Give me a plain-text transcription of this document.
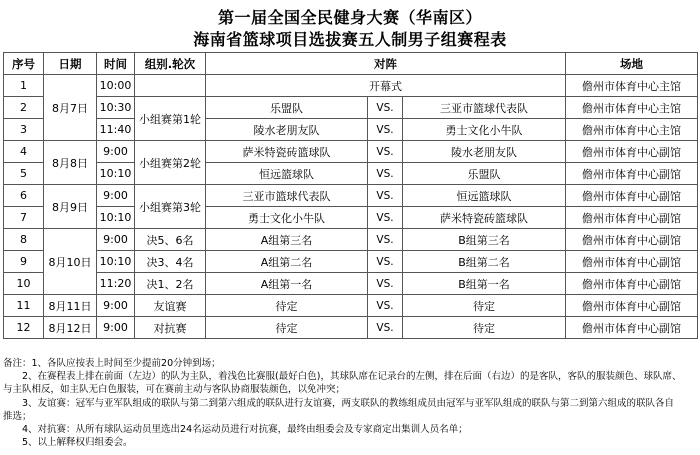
第一届全国全民健身大赛（华南区）
海南省篮球项目选拔赛五人制男子组赛程表
序号	日期	时间	组别.轮次	对阵			场地
1	8月7日	10:00		开幕式			儋州市体育中心主馆
2		10:30	小组赛第1轮	乐盟队	VS.	三亚市篮球代表队	儋州市体育中心主馆
3		11:40		陵水老朋友队	VS.	勇士文化小牛队	儋州市体育中心主馆
4	8月8日	9:00	小组赛第2轮	萨米特瓷砖篮球队	VS.	陵水老朋友队	儋州市体育中心副馆
5		10:10		恒远篮球队	VS.	乐盟队	儋州市体育中心副馆
6	8月9日	9:00	小组赛第3轮	三亚市篮球代表队	VS.	恒远篮球队	儋州市体育中心副馆
7		10:10		勇士文化小牛队	VS.	萨米特瓷砖篮球队	儋州市体育中心副馆
8	8月10日	9:00	决5、6名	A组第三名	VS.	B组第三名	儋州市体育中心副馆
9		10:10	决3、4名	A组第二名	VS.	B组第二名	儋州市体育中心副馆
10		11:20	决1、2名	A组第一名	VS.	B组第一名	儋州市体育中心副馆
11	8月11日	9:00	友谊赛	待定	VS.	待定	儋州市体育中心副馆
12	8月12日	9:00	对抗赛	待定	VS.	待定	儋州市体育中心副馆
备注：1、各队应按表上时间至少提前20分钟到场；
　　2、在赛程表上排在前面（左边）的队为主队，着浅色比赛服(最好白色)，其球队席在记录台的左侧，排在后面（右边）的是客队，客队的服装颜色、球队席、
与主队相反，如主队无白色服装，可在赛前主动与客队协商服装颜色，以免冲突；
　　3、友谊赛：冠军与亚军队组成的联队与第二到第六组成的联队进行友谊赛，两支联队的教练组成员由冠军与亚军队组成的联队与第二到第六组成的联队各自
推选；
　　4、对抗赛：从所有球队运动员里选出24名运动员进行对抗赛，最终由组委会及专家商定出集训人员名单；
　　5、以上解释权归组委会。
